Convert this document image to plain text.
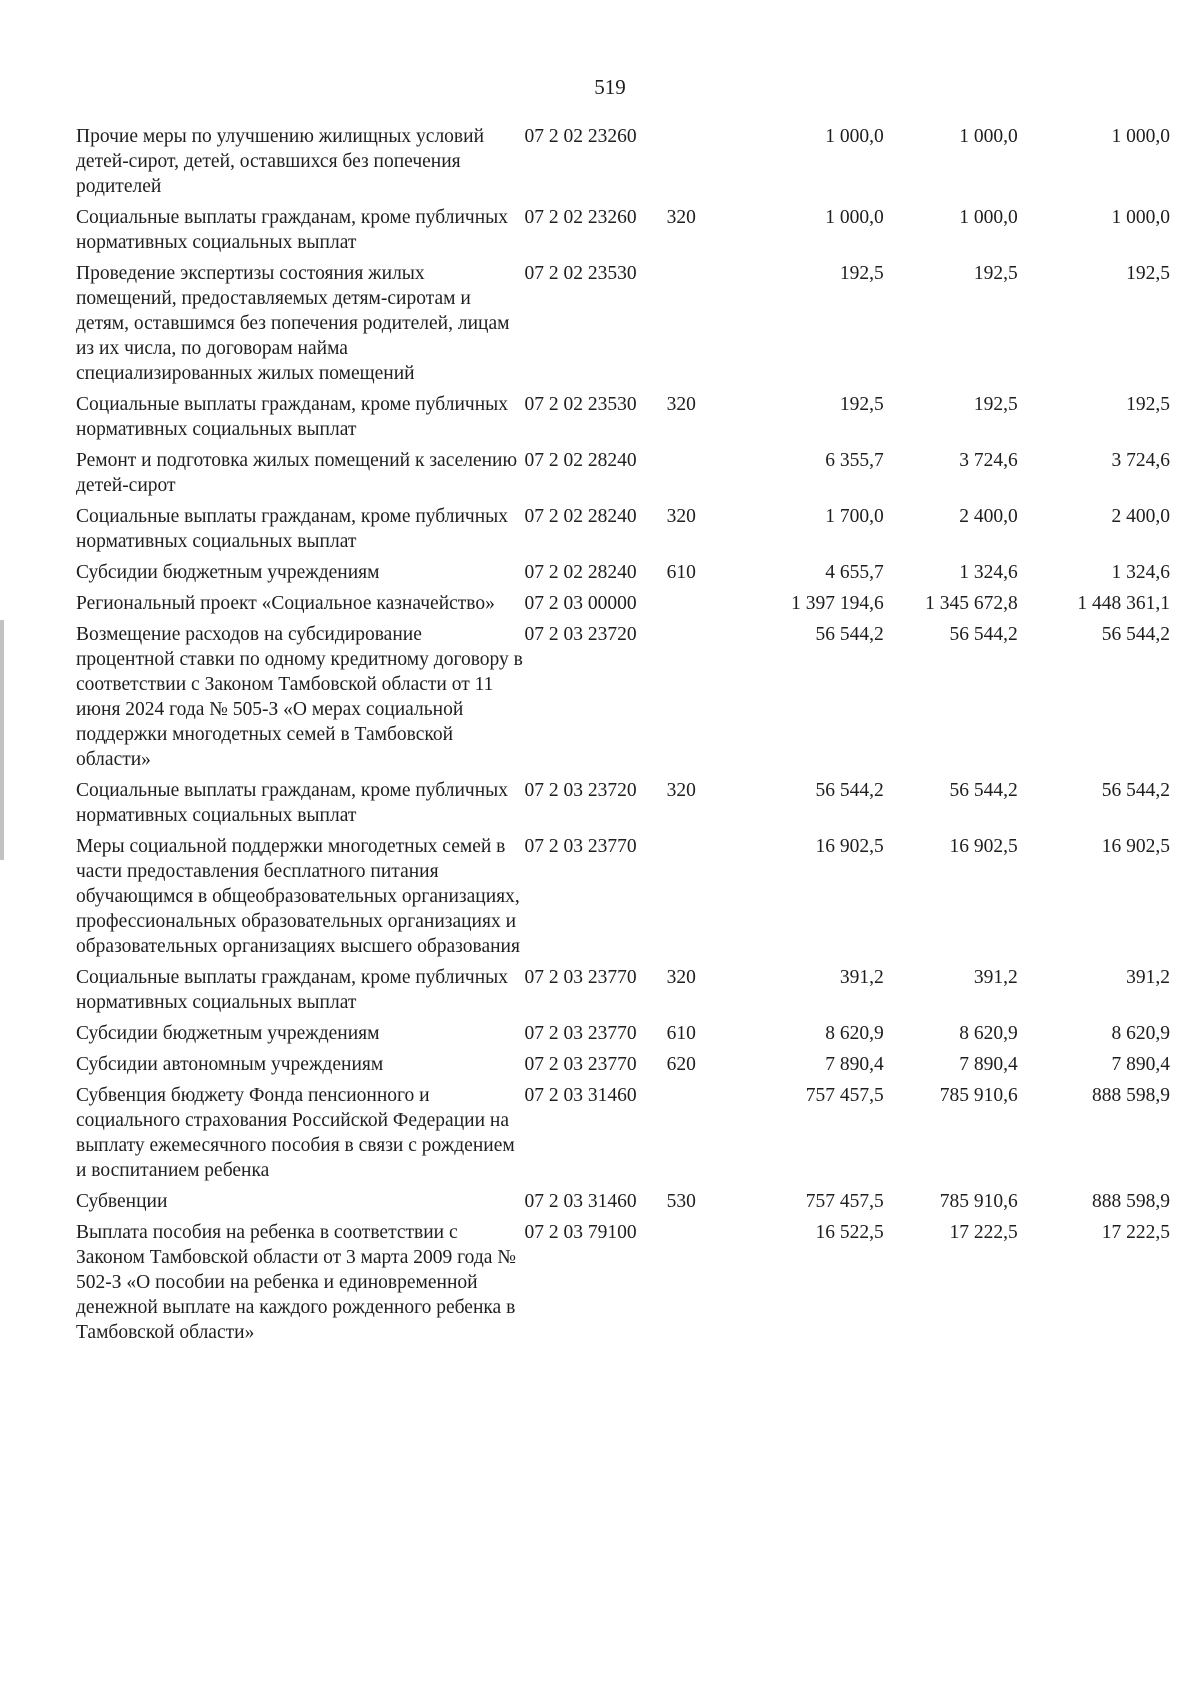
519
Прочие меры по улучшению жилищных условий детей-сирот, детей, оставшихся без попечения родителей	07 2 02 23260		1 000,0	1 000,0	1 000,0
Социальные выплаты гражданам, кроме публичных нормативных социальных выплат	07 2 02 23260	320	1 000,0	1 000,0	1 000,0
Проведение экспертизы состояния жилых помещений, предоставляемых детям-сиротам и детям, оставшимся без попечения родителей, лицам из их числа, по договорам найма специализированных жилых помещений	07 2 02 23530		192,5	192,5	192,5
Социальные выплаты гражданам, кроме публичных нормативных социальных выплат	07 2 02 23530	320	192,5	192,5	192,5
Ремонт и подготовка жилых помещений к заселению детей-сирот	07 2 02 28240		6 355,7	3 724,6	3 724,6
Социальные выплаты гражданам, кроме публичных нормативных социальных выплат	07 2 02 28240	320	1 700,0	2 400,0	2 400,0
Субсидии бюджетным учреждениям	07 2 02 28240	610	4 655,7	1 324,6	1 324,6
Региональный проект «Социальное казначейство»	07 2 03 00000		1 397 194,6	1 345 672,8	1 448 361,1
Возмещение расходов на субсидирование процентной ставки по одному кредитному договору в соответствии с Законом Тамбовской области от 11 июня 2024 года № 505-З «О мерах социальной поддержки многодетных семей в Тамбовской области»	07 2 03 23720		56 544,2	56 544,2	56 544,2
Социальные выплаты гражданам, кроме публичных нормативных социальных выплат	07 2 03 23720	320	56 544,2	56 544,2	56 544,2
Меры социальной поддержки многодетных семей в части предоставления бесплатного питания обучающимся в общеобразовательных организациях, профессиональных образовательных организациях и образовательных организациях высшего образования	07 2 03 23770		16 902,5	16 902,5	16 902,5
Социальные выплаты гражданам, кроме публичных нормативных социальных выплат	07 2 03 23770	320	391,2	391,2	391,2
Субсидии бюджетным учреждениям	07 2 03 23770	610	8 620,9	8 620,9	8 620,9
Субсидии автономным учреждениям	07 2 03 23770	620	7 890,4	7 890,4	7 890,4
Субвенция бюджету Фонда пенсионного и социального страхования Российской Федерации на выплату ежемесячного пособия в связи с рождением и воспитанием ребенка	07 2 03 31460		757 457,5	785 910,6	888 598,9
Субвенции	07 2 03 31460	530	757 457,5	785 910,6	888 598,9
Выплата пособия на ребенка в соответствии с Законом Тамбовской области от 3 марта 2009 года № 502-З «О пособии на ребенка и единовременной денежной выплате на каждого рожденного ребенка в Тамбовской области»	07 2 03 79100		16 522,5	17 222,5	17 222,5
